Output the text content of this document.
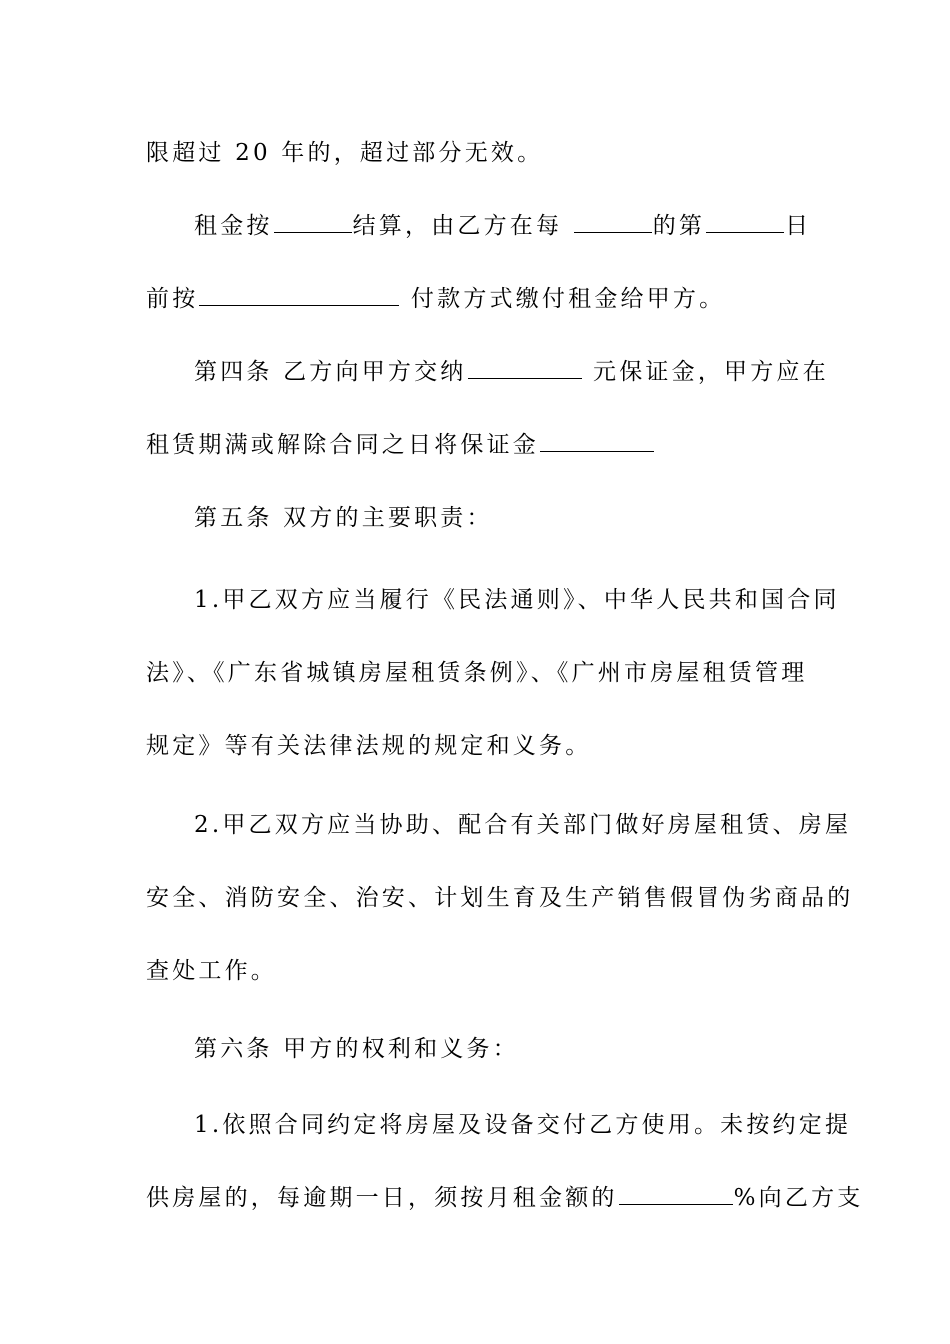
限超过 20 年的，超过部分无效。
租金按	结算，由乙方在每	的第	日
前按	付款方式缴付租金给甲方。
第四条 乙方向甲方交纳	元保证金，甲方应在
租赁期满或解除合同之日将保证金
第五条 双方的主要职责：
1.甲乙双方应当履行《民法通则》、中华人民共和国合同
法》、《广东省城镇房屋租赁条例》、《广州市房屋租赁管理
规定》等有关法律法规的规定和义务。
2.甲乙双方应当协助、配合有关部门做好房屋租赁、房屋
安全、消防安全、治安、计划生育及生产销售假冒伪劣商品的
查处工作。
第六条 甲方的权利和义务：
1.依照合同约定将房屋及设备交付乙方使用。未按约定提
供房屋的，每逾期一日，须按月租金额的	%向乙方支
